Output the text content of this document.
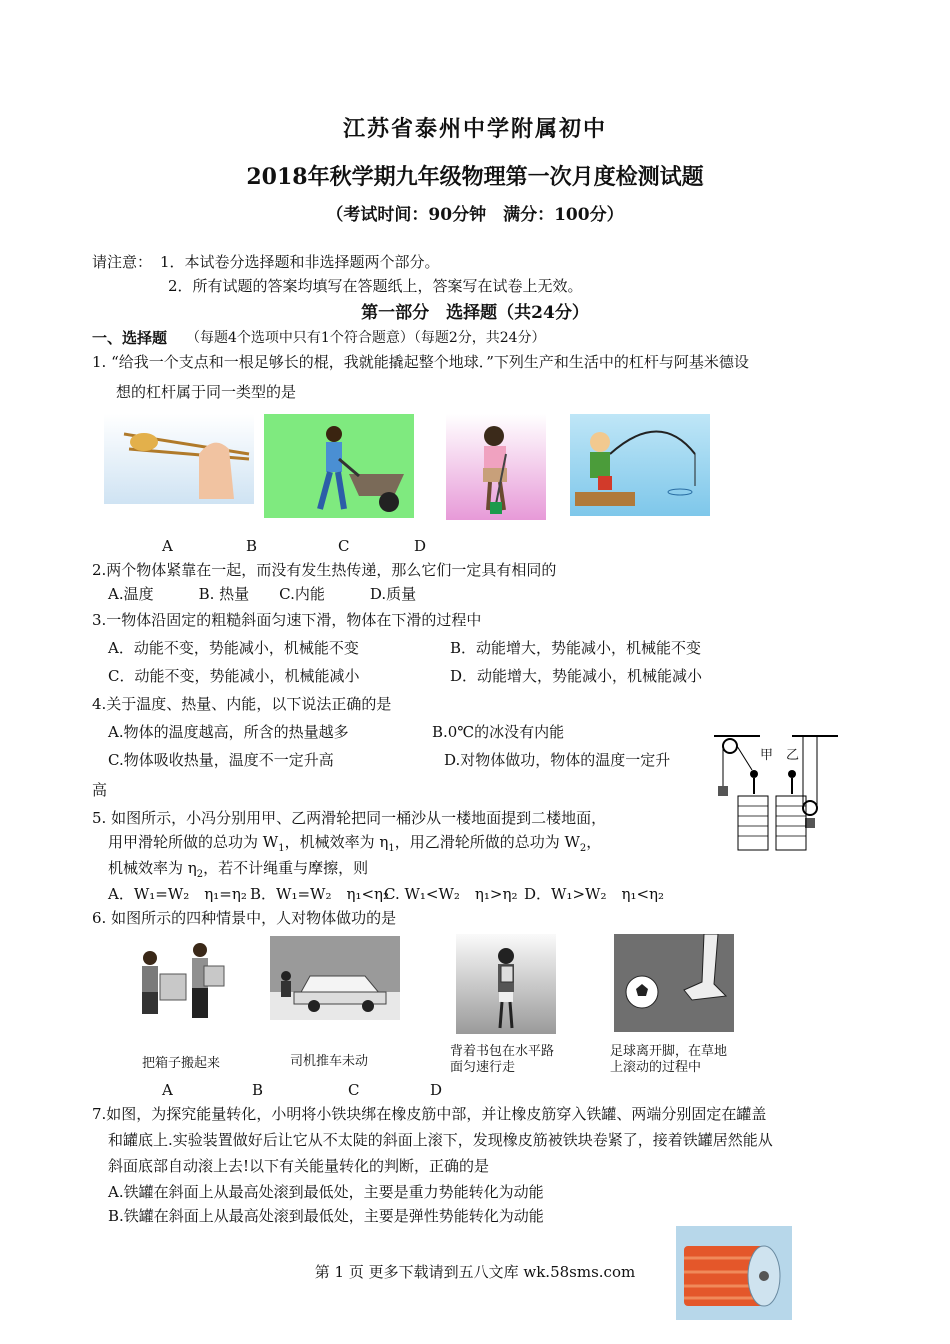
江苏省泰州中学附属初中
2018年秋学期九年级物理第一次月度检测试题
（考试时间：90分钟　满分：100分）
请注意： 1．本试卷分选择题和非选择题两个部分。
2．所有试题的答案均填写在答题纸上，答案写在试卷上无效。
第一部分　选择题（共24分）
一、选择题 （每题4个选项中只有1个符合题意）（每题2分，共24分）
1. “给我一个支点和一根足够长的棍，我就能撬起整个地球．”下列生产和生活中的杠杆与阿基米德设
想的杠杆属于同一类型的是
A	B	C	D
2.两个物体紧靠在一起，而没有发生热传递，那么它们一定具有相同的
A.温度　　　B. 热量　　C.内能　　　D.质量
3.一物体沿固定的粗糙斜面匀速下滑，物体在下滑的过程中
A．动能不变，势能减小，机械能不变	B．动能增大，势能减小，机械能不变
C．动能不变，势能减小，机械能减小	D．动能增大，势能减小，机械能减小
4.关于温度、热量、内能，以下说法正确的是
A.物体的温度越高，所含的热量越多	B.0℃的冰没有内能
C.物体吸收热量，温度不一定升高	D.对物体做功，物体的温度一定升
高
甲 乙
5. 如图所示，小冯分别用甲、乙两滑轮把同一桶沙从一楼地面提到二楼地面，
用甲滑轮所做的总功为 $W_1$，机械效率为 $\eta_1$，用乙滑轮所做的总功为 $W_2$，
机械效率为 $\eta_2$，若不计绳重与摩擦，则
A．W₁=W₂　η₁=η₂ B．W₁=W₂　η₁<η₂
C. W₁<W₂　η₁>η₂ D．W₁>W₂　η₁<η₂
6. 如图所示的四种情景中，人对物体做功的是
把箱子搬起来	司机推车未动
背着书包在水平路
面匀速行走
足球离开脚，在草地
上滚动的过程中
A	B	C	D
7.如图，为探究能量转化，小明将小铁块绑在橡皮筋中部，并让橡皮筋穿入铁罐、两端分别固定在罐盖
和罐底上.实验装置做好后让它从不太陡的斜面上滚下，发现橡皮筋被铁块卷紧了，接着铁罐居然能从
斜面底部自动滚上去!以下有关能量转化的判断，正确的是
A.铁罐在斜面上从最高处滚到最低处，主要是重力势能转化为动能
B.铁罐在斜面上从最高处滚到最低处，主要是弹性势能转化为动能
第 1 页 更多下载请到五八文库 wk.58sms.com
